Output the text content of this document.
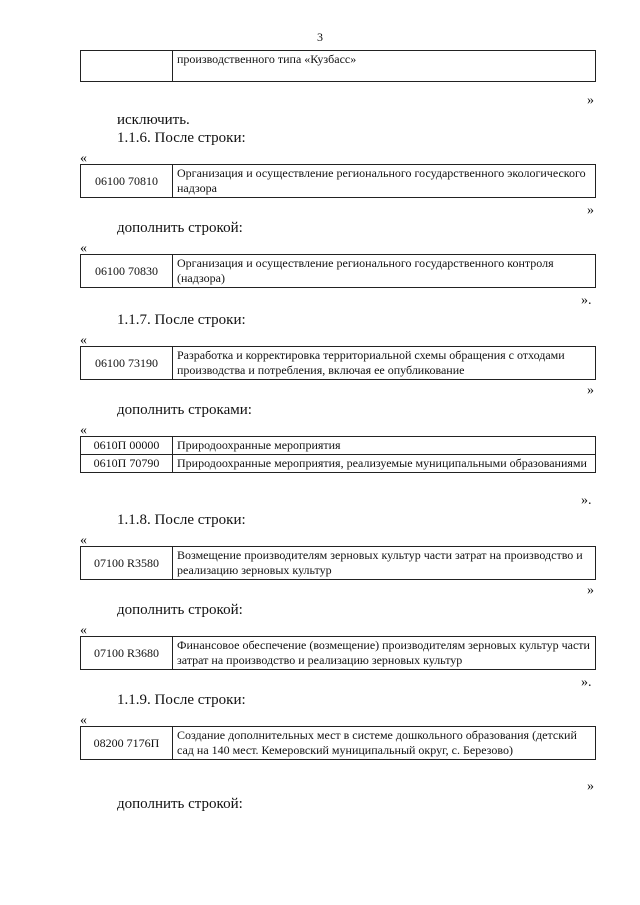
3
	производственного типа «Кузбасс»
»
исключить.
1.1.6. После строки:
«
06100 70810	Организация и осуществление регионального государственного экологического надзора
»
дополнить строкой:
«
06100 70830	Организация и осуществление регионального государственного контроля (надзора)
».
1.1.7. После строки:
«
06100 73190	Разработка и корректировка территориальной схемы обращения с отходами производства и потребления, включая ее опубликование
»
дополнить строками:
«
0610П 00000	Природоохранные мероприятия
0610П 70790	Природоохранные мероприятия, реализуемые муниципальными образованиями
».
1.1.8. После строки:
«
07100 R3580	Возмещение производителям зерновых культур части затрат на производство и реализацию зерновых культур
»
дополнить строкой:
«
07100 R3680	Финансовое обеспечение (возмещение) производителям зерновых культур части затрат на производство и реализацию зерновых культур
».
1.1.9. После строки:
«
08200 7176П	Создание дополнительных мест в системе дошкольного образования (детский сад на 140 мест. Кемеровский муниципальный округ, с. Березово)
»
дополнить строкой:
